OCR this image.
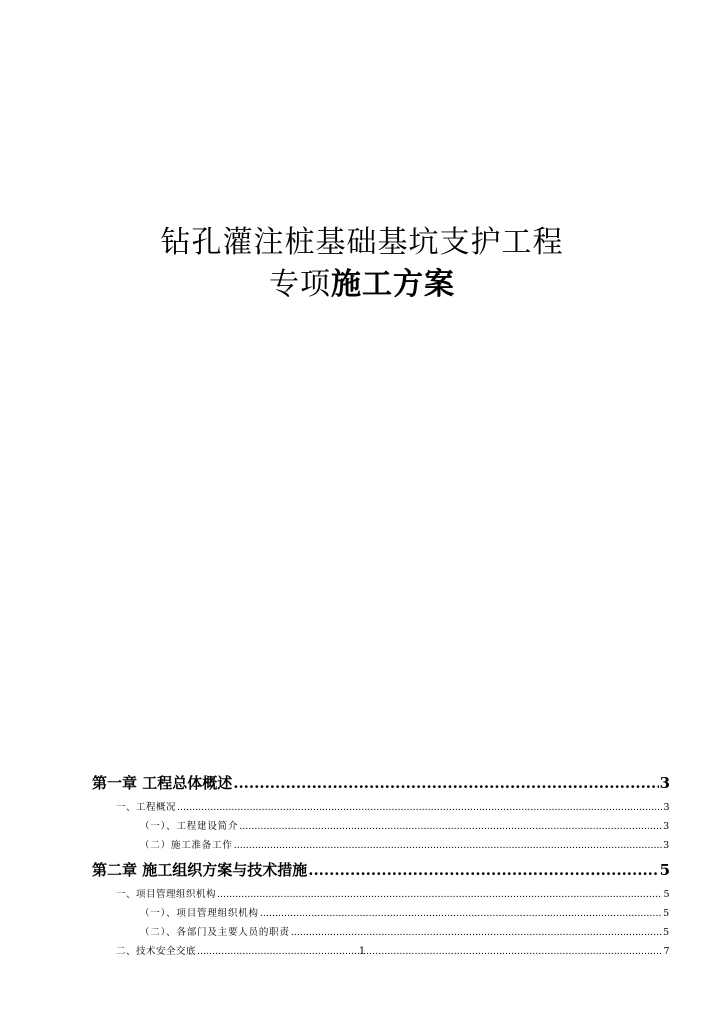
钻孔灌注桩基础基坑支护工程
专项施工方案
第一章 工程总体概述 .....	3
一、工程概况 .....	3
（一）、工程建设简介 .....	3
（二）施工准备工作 .....	3
第二章 施工组织方案与技术措施 .....	5
一、项目管理组织机构 .....	5
（一）、项目管理组织机构 .....	5
（二）、各部门及主要人员的职责 .....	5
二、技术安全交底 .....	7
1
